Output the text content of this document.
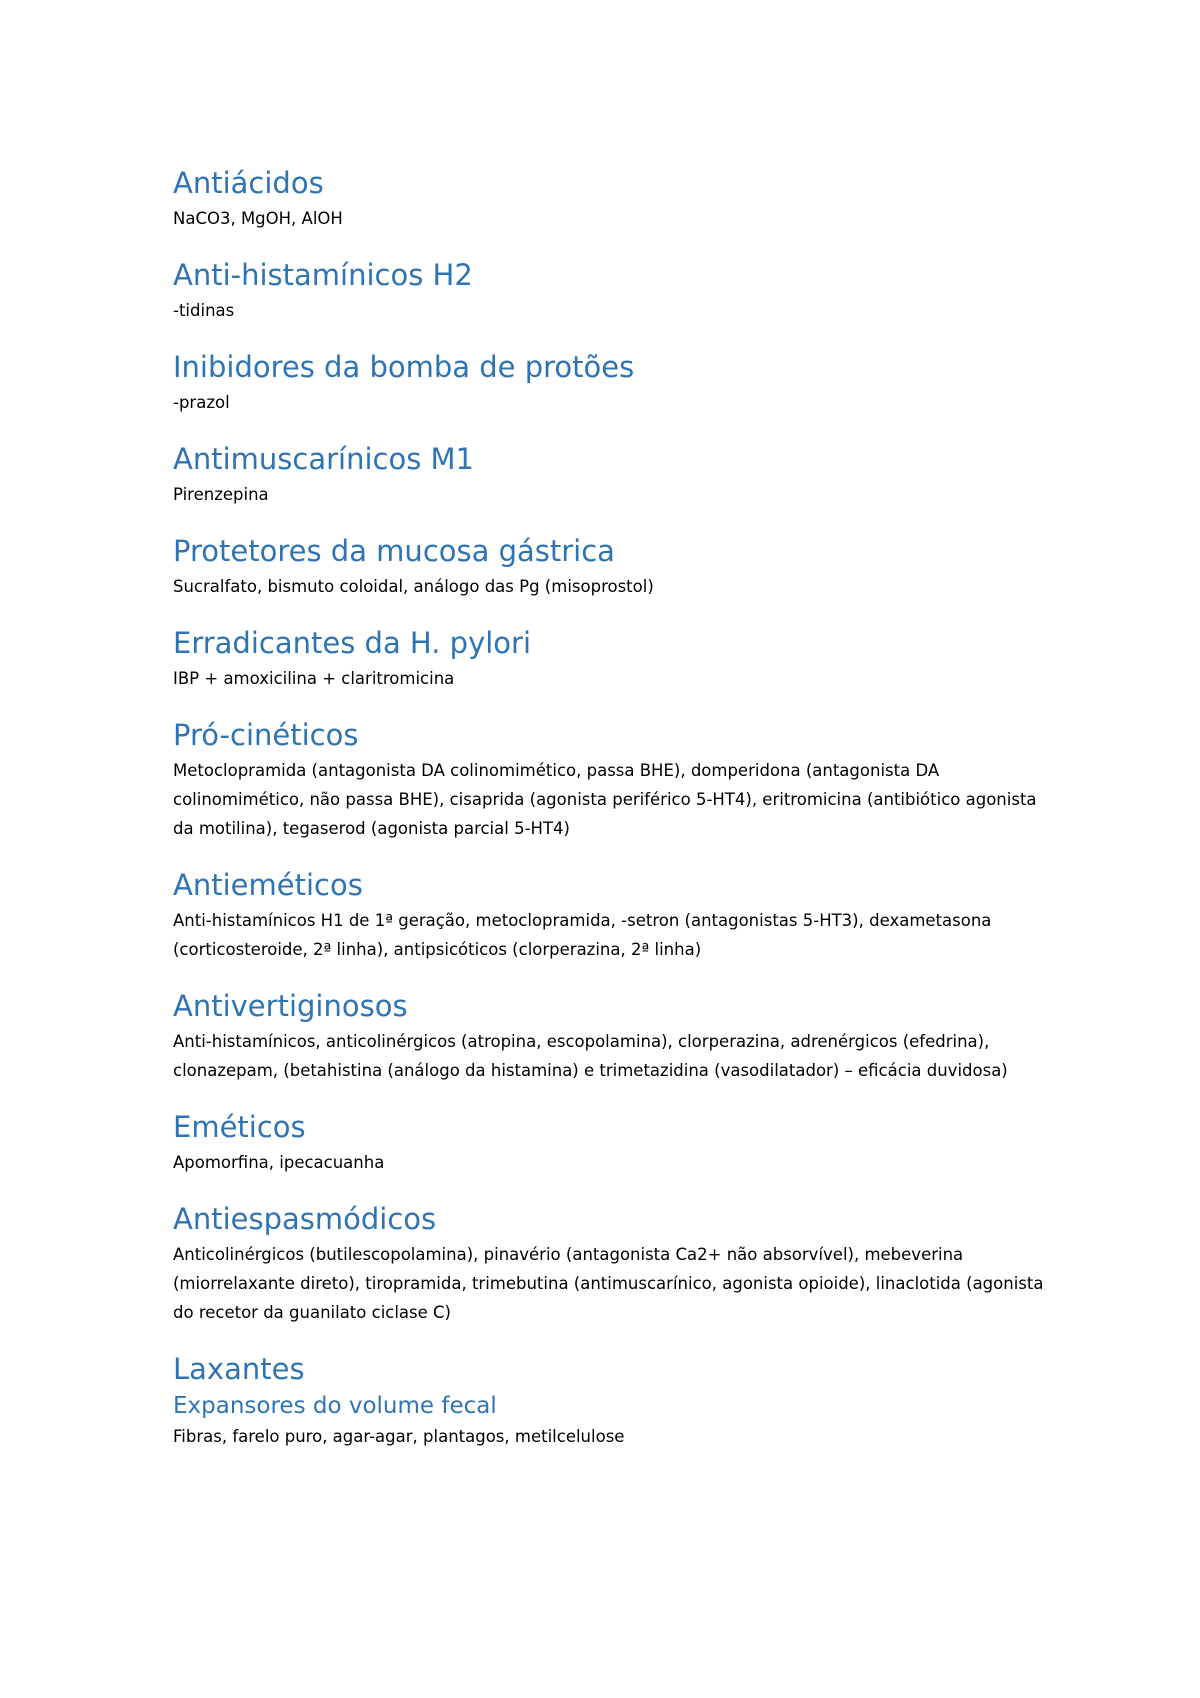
Antiácidos

NaCO3, MgOH, AlOH

Anti-histamínicos H2

-tidinas

Inibidores da bomba de protões

-prazol

Antimuscarínicos M1

Pirenzepina

Protetores da mucosa gástrica

Sucralfato, bismuto coloidal, análogo das Pg (misoprostol)

Erradicantes da H. pylori

IBP + amoxicilina + claritromicina

Pró-cinéticos

Metoclopramida (antagonista DA colinomimético, passa BHE), domperidona (antagonista DA colinomimético, não passa BHE), cisaprida (agonista periférico 5-HT4), eritromicina (antibiótico agonista da motilina), tegaserod (agonista parcial 5-HT4)

Antieméticos

Anti-histamínicos H1 de 1ª geração, metoclopramida, -setron (antagonistas 5-HT3), dexametasona (corticosteroide, 2ª linha), antipsicóticos (clorperazina, 2ª linha)

Antivertiginosos

Anti-histamínicos, anticolinérgicos (atropina, escopolamina), clorperazina, adrenérgicos (efedrina), clonazepam, (betahistina (análogo da histamina) e trimetazidina (vasodilatador) – eficácia duvidosa)

Eméticos

Apomorfina, ipecacuanha

Antiespasmódicos

Anticolinérgicos (butilescopolamina), pinavério (antagonista Ca2+ não absorvível), mebeverina (miorrelaxante direto), tiropramida, trimebutina (antimuscarínico, agonista opioide), linaclotida (agonista do recetor da guanilato ciclase C)

Laxantes
Expansores do volume fecal

Fibras, farelo puro, agar-agar, plantagos, metilcelulose
